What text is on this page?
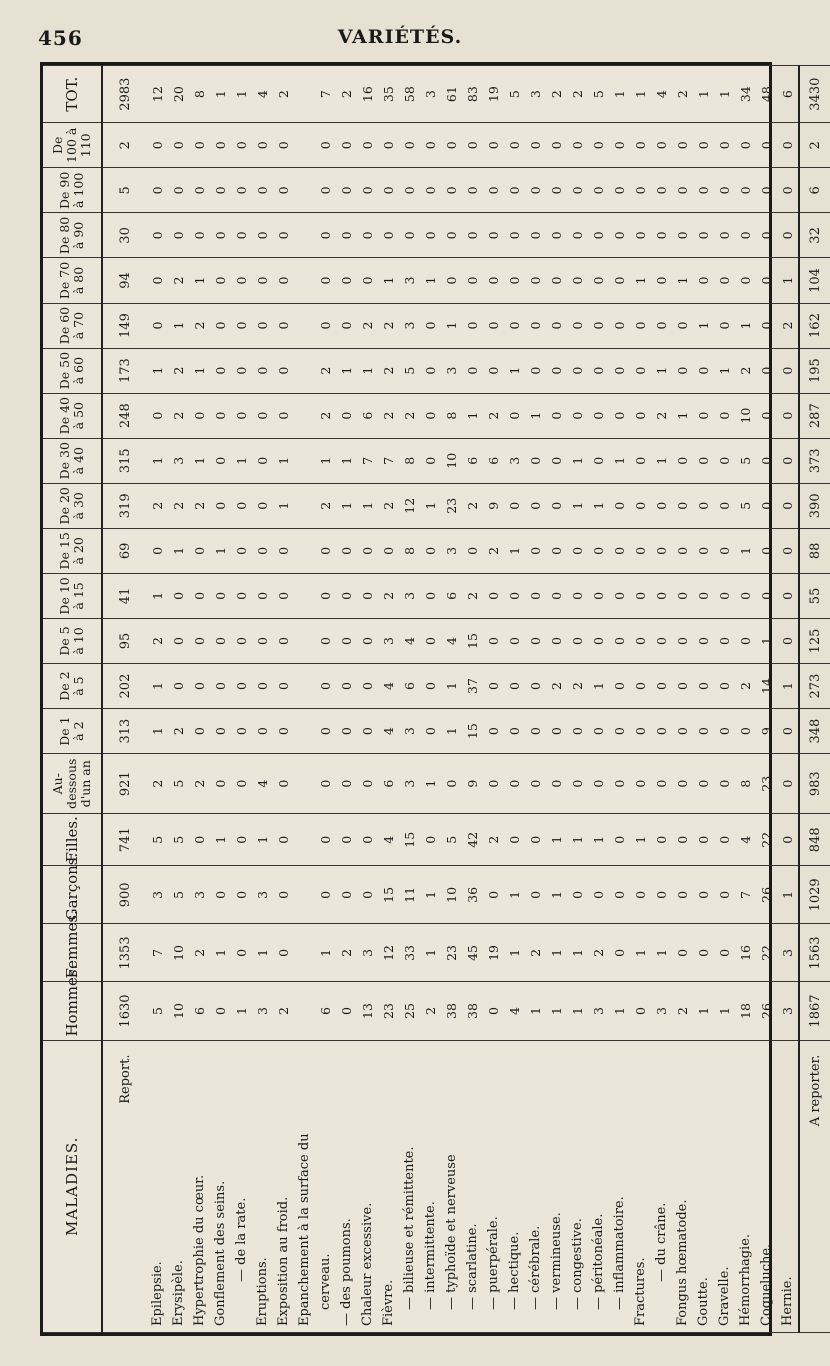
456	VARIÉTÉS.
MALADIES.	Hommes.	Femmes.	Garçons.	Filles.	Au-dessous d'un an	De 1 à 2	De 2 à 5	De 5 à 10	De 10 à 15	De 15 à 20	De 20 à 30	De 30 à 40	De 40 à 50	De 50 à 60	De 60 à 70	De 70 à 80	De 80 à 90	De 90 à 100	De 100 à 110	TOT.
Report.	1630	1353	900	741	921	313	202	95	41	69	319	315	248	173	149	94	30	5	2	2983
Epilepsie.	5	7	3	5	2	1	1	2	1	0	2	1	0	1	0	0	0	0	0	12
Erysipèle.	10	10	5	5	5	2	0	0	0	1	2	3	2	2	1	2	0	0	0	20
Hypertrophie du cœur.	6	2	3	0	2	0	0	0	0	0	2	1	0	1	2	1	0	0	0	8
Gonflement des seins.	0	1	0	1	0	0	0	0	0	1	0	0	0	0	0	0	0	0	0	1
— de la rate.	1	0	0	0	0	0	0	0	0	0	0	1	0	0	0	0	0	0	0	1
Eruptions.	3	1	3	1	4	0	0	0	0	0	0	0	0	0	0	0	0	0	0	4
Exposition au froid.	2	0	0	0	0	0	0	0	0	0	1	1	0	0	0	0	0	0	0	2
Epanchement à la surface du																				
cerveau.	6	1	0	0	0	0	0	0	0	0	2	1	2	2	0	0	0	0	0	7
— des poumons.	0	2	0	0	0	0	0	0	0	0	1	1	0	1	0	0	0	0	0	2
Chaleur excessive.	13	3	0	0	0	0	0	0	0	0	1	7	6	1	2	0	0	0	0	16
Fièvre.	23	12	15	4	6	4	4	3	2	0	2	7	2	2	2	1	0	0	0	35
— bilieuse et rémittente.	25	33	11	15	3	3	6	4	3	8	12	8	2	5	3	3	0	0	0	58
— intermittente.	2	1	1	0	1	0	0	0	0	0	1	0	0	0	0	1	0	0	0	3
— typhoïde et nerveuse	38	23	10	5	0	1	1	4	6	3	23	10	8	3	1	0	0	0	0	61
— scarlatine.	38	45	36	42	9	15	37	15	2	0	2	6	1	0	0	0	0	0	0	83
— puerpérale.	0	19	0	2	0	0	0	0	0	2	9	6	2	0	0	0	0	0	0	19
— hectique.	4	1	1	0	0	0	0	0	0	1	0	3	0	1	0	0	0	0	0	5
— cérébrale.	1	2	0	0	0	0	0	0	0	0	0	0	1	0	0	0	0	0	0	3
— vermineuse.	1	1	1	1	0	0	2	0	0	0	0	0	0	0	0	0	0	0	0	2
— congestive.	1	1	0	1	0	0	2	0	0	0	1	1	0	0	0	0	0	0	0	2
— péritonéale.	3	2	0	1	0	0	1	0	0	0	1	0	0	0	0	0	0	0	0	5
— inflammatoire.	1	0	0	0	0	0	0	0	0	0	0	1	0	0	0	0	0	0	0	1
Fractures.	0	1	0	1	0	0	0	0	0	0	0	0	0	0	0	1	0	0	0	1
— du crâne.	3	1	0	0	0	0	0	0	0	0	0	1	2	1	0	0	0	0	0	4
Fongus hœmatode.	2	0	0	0	0	0	0	0	0	0	0	0	1	0	0	1	0	0	0	2
Goutte.	1	0	0	0	0	0	0	0	0	0	0	0	0	0	1	0	0	0	0	1
Gravelle.	1	0	0	0	0	0	0	0	0	0	0	0	0	1	0	0	0	0	0	1
Hémorrhagie.	18	16	7	4	8	0	2	0	0	1	5	5	10	2	1	0	0	0	0	34
Coqueluche.	26	22	26	22	23	9	14	1	0	0	0	0	0	0	0	0	0	0	0	48
Hernie.	3	3	1	0	0	0	1	0	0	0	0	0	0	0	2	1	0	0	0	6
A reporter.	1867	1563	1029	848	983	348	273	125	55	88	390	373	287	195	162	104	32	6	2	3430
